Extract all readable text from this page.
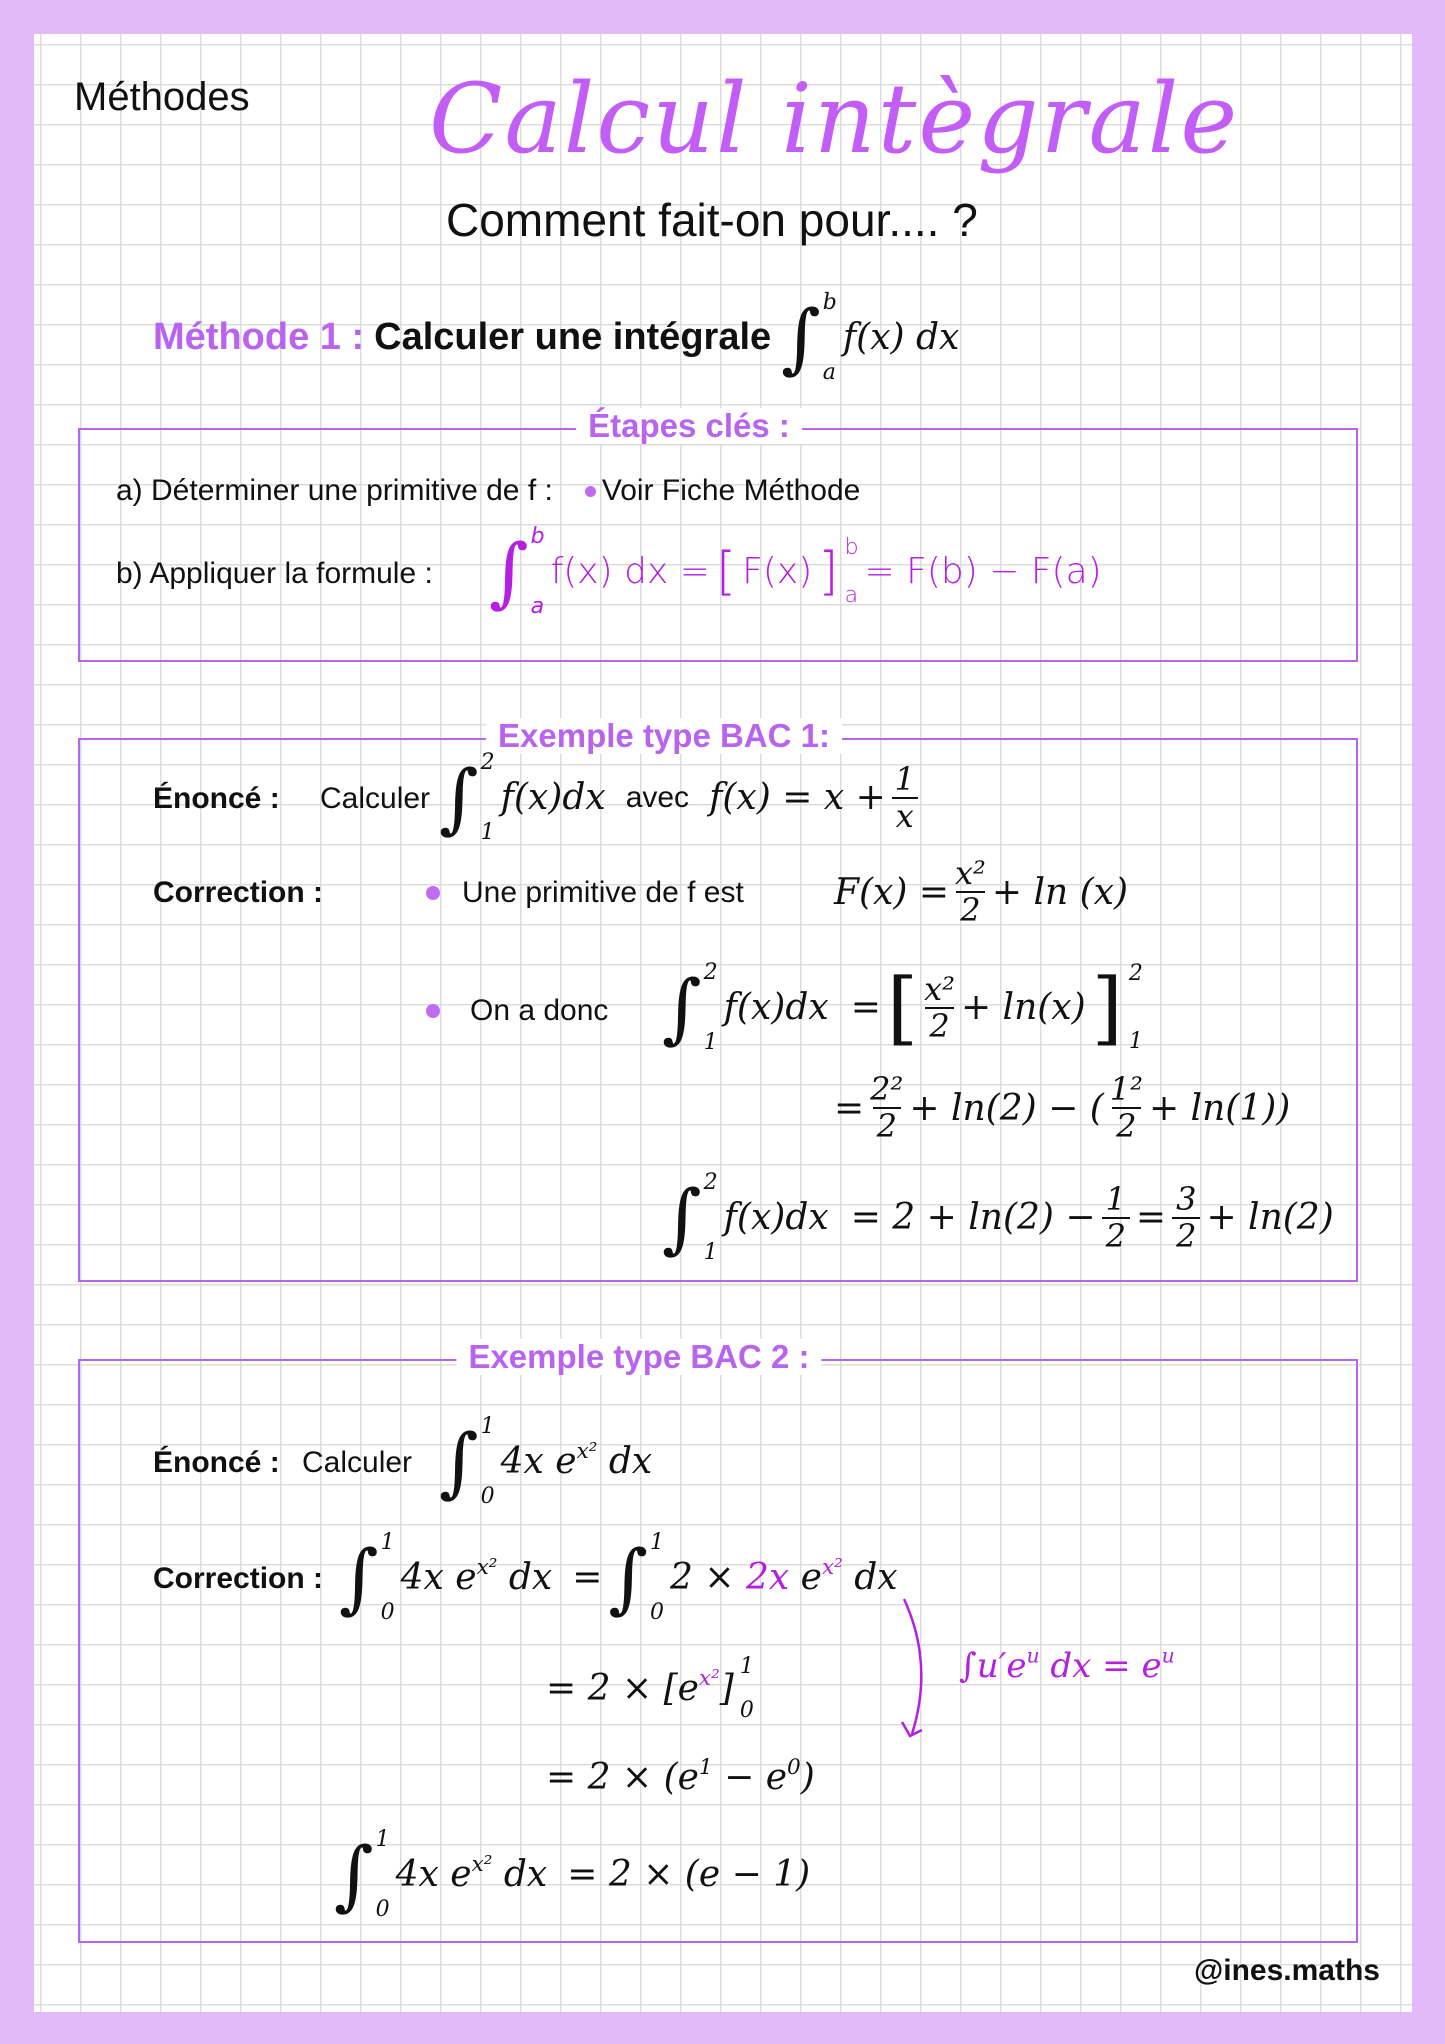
Méthodes Calcul intègrale
Comment fait-on pour.... ?
Méthode 1 : Calculer une intégrale ∫ b
a
f(x) dx
Étapes clés :
a) Déterminer une primitive de f : Voir Fiche Méthode
b) Appliquer la formule : ∫ b
a
f(x) dx = [ F(x) ] b
a
= F(b) − F(a)
Exemple type BAC 1:
Énoncé : Calculer ∫ 2
1
f(x)dx avec $f(x) = x + \frac{1}{x}$
Correction :	Une primitive de f est	$F(x) = \frac{\text{x²}}{2} + \ln (x)$
On a donc ∫ 2
1
f(x)dx = [ $\frac{\text{x²}}{2} + \ln(x)$ ] 2
1
= $\frac{\text{2²}}{2} + \ln(2)$ − ( $\frac{\text{1²}}{2} + \ln(1)$)
∫ 2
1
$f(x)dx = 2 + \ln(2) - \frac{1}{2} = \frac{3}{2} + \ln(2)$
Exemple type BAC 2 :
Énoncé : Calculer ∫ 1
0
4x $e^{x^2}$ dx
Correction : ∫ 1
0
4x $e^{x^2}$ dx = ∫ 1
0
2 × 2x $e^{x^2}$ dx
$\int u'e^u$ dx = $e^u$
= $2 \times [e^{x^2}]$
1
0
= $2 \times (e^1 - e^0)$
∫ 1
0
4x $e^{x^2}$ dx = 2 × (e − 1)
@ines.maths
